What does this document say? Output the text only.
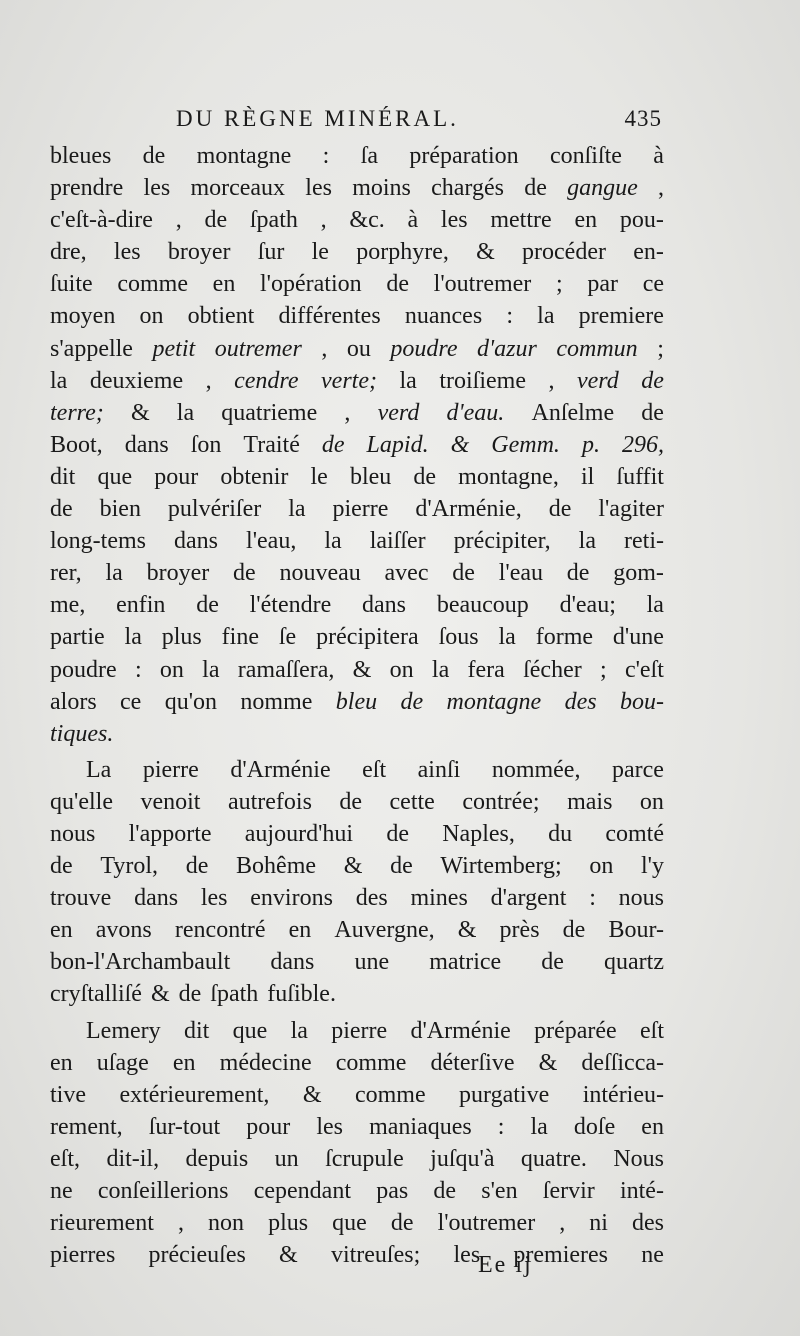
DU RÈGNE MINÉRAL.	435
bleues de montagne : ſa préparation conſiſte à
prendre les morceaux les moins chargés de gangue ,
c'eſt-à-dire , de ſpath , &c. à les mettre en pou-
dre, les broyer ſur le porphyre, & procéder en-
ſuite comme en l'opération de l'outremer ; par ce
moyen on obtient différentes nuances : la premiere
s'appelle petit outremer , ou poudre d'azur commun ;
la deuxieme , cendre verte; la troiſieme , verd de
terre; & la quatrieme , verd d'eau. Anſelme de
Boot, dans ſon Traité de Lapid. & Gemm. p. 296,
dit que pour obtenir le bleu de montagne, il ſuffit
de bien pulvériſer la pierre d'Arménie, de l'agiter
long-tems dans l'eau, la laiſſer précipiter, la reti-
rer, la broyer de nouveau avec de l'eau de gom-
me, enfin de l'étendre dans beaucoup d'eau; la
partie la plus fine ſe précipitera ſous la forme d'une
poudre : on la ramaſſera, & on la fera ſécher ; c'eſt
alors ce qu'on nomme bleu de montagne des bou-
tiques.
La pierre d'Arménie eſt ainſi nommée, parce
qu'elle venoit autrefois de cette contrée; mais on
nous l'apporte aujourd'hui de Naples, du comté
de Tyrol, de Bohême & de Wirtemberg; on l'y
trouve dans les environs des mines d'argent : nous
en avons rencontré en Auvergne, & près de Bour-
bon-l'Archambault dans une matrice de quartz
cryſtalliſé & de ſpath fuſible.
Lemery dit que la pierre d'Arménie préparée eſt
en uſage en médecine comme déterſive & deſſicca-
tive extérieurement, & comme purgative intérieu-
rement, ſur-tout pour les maniaques : la doſe en
eſt, dit-il, depuis un ſcrupule juſqu'à quatre. Nous
ne conſeillerions cependant pas de s'en ſervir inté-
rieurement , non plus que de l'outremer , ni des
pierres précieuſes & vitreuſes; les premieres ne
Ee ij
